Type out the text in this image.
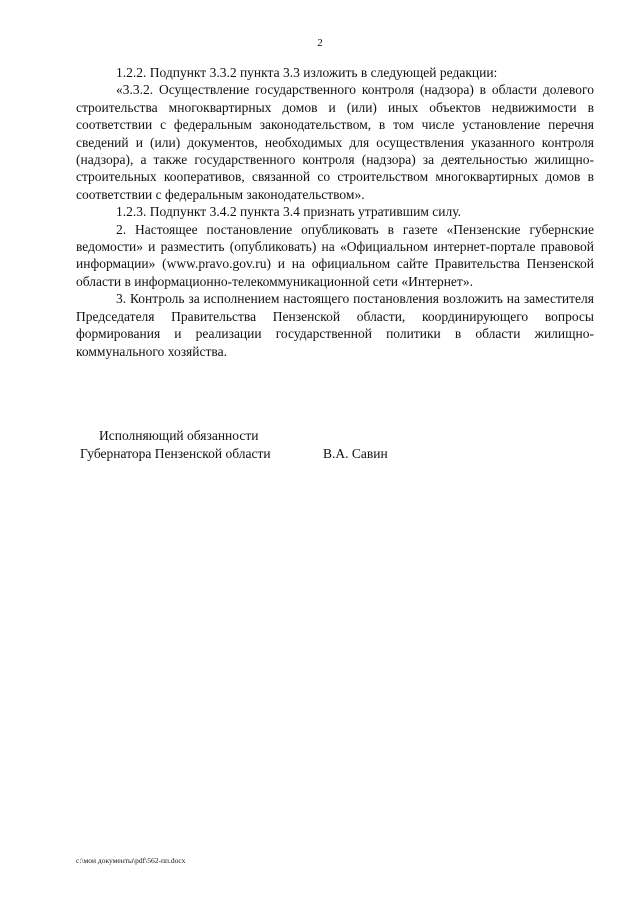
2

1.2.2. Подпункт 3.3.2 пункта 3.3 изложить в следующей редакции:

«3.3.2. Осуществление государственного контроля (надзора) в области долевого строительства многоквартирных домов и (или) иных объектов недвижимости в соответствии с федеральным законодательством, в том числе установление перечня сведений и (или) документов, необходимых для осуществления указанного контроля (надзора), а также государственного контроля (надзора) за деятельностью жилищно-строительных кооперативов, связанной со строительством многоквартирных домов в соответствии с федеральным законодательством».

1.2.3. Подпункт 3.4.2 пункта 3.4 признать утратившим силу.

2. Настоящее постановление опубликовать в газете «Пензенские губернские ведомости» и разместить (опубликовать) на «Официальном интернет-портале правовой информации» (www.pravo.gov.ru) и на официальном сайте Правительства Пензенской области в информационно-телекоммуникационной сети «Интернет».

3. Контроль за исполнением настоящего постановления возложить на заместителя Председателя Правительства Пензенской области, координирующего вопросы формирования и реализации государственной политики в области жилищно-коммунального хозяйства.

Исполняющий обязанности
Губернатора Пензенской области	В.А. Савин
c:\мои документы\pdf\562-пп.docx
